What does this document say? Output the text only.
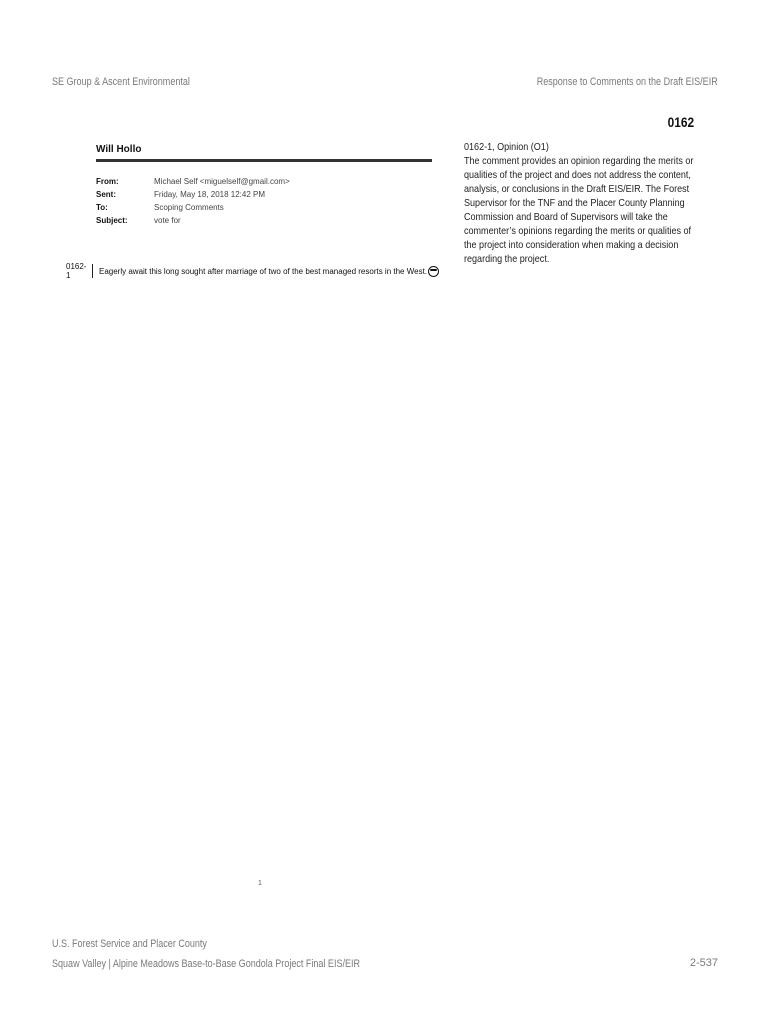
SE Group & Ascent Environmental	Response to Comments on the Draft EIS/EIR
0162
Will Hollo
From:	Michael Self <miguelself@gmail.com>
Sent:	Friday, May 18, 2018 12:42 PM
To:	Scoping Comments
Subject:	vote for
0162-1	Eagerly await this long sought after marriage of two of the best managed resorts in the West.
0162-1, Opinion (O1)
The comment provides an opinion regarding the merits or qualities of the project and does not address the content, analysis, or conclusions in the Draft EIS/EIR. The Forest Supervisor for the TNF and the Placer County Planning Commission and Board of Supervisors will take the commenter’s opinions regarding the merits or qualities of the project into consideration when making a decision regarding the project.
1
U.S. Forest Service and Placer County
Squaw Valley | Alpine Meadows Base-to-Base Gondola Project Final EIS/EIR	2-537
